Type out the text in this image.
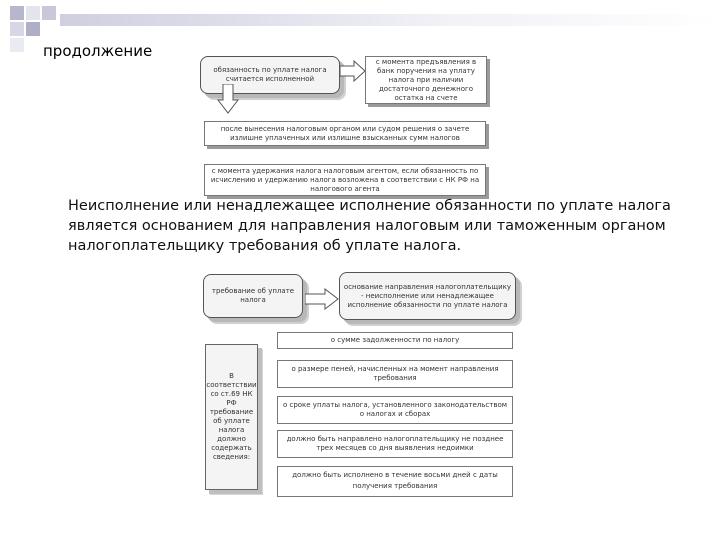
продолжение
обязанность по уплате налога считается исполненной
с момента предъявления в банк поручения на уплату налога при наличии достаточного денежного остатка на счете
после вынесения налоговым органом или судом решения о зачете излишне уплаченных или излишне взысканных сумм налогов
с момента удержания налога налоговым агентом, если обязанность по исчислению и удержанию налога возложена в соответствии с НК РФ на налогового агента
Неисполнение или ненадлежащее исполнение обязанности по уплате налога является основанием для направления налоговым или таможенным органом налогоплательщику требования об уплате налога.
требование об уплате налога
основание направления налогоплательщику - неисполнение или ненадлежащее исполнение обязанности по уплате налога
В соответствии со ст.69 НК РФ требование об уплате налога должно содержать сведения:
о сумме задолженности по налогу
о размере пеней, начисленных на момент направления требования
о сроке уплаты налога, установленного законодательством о налогах и сборах
должно быть направлено налогоплательщику не позднее трех месяцев со дня выявления недоимки
должно быть исполнено в течение восьми дней с даты получения требования
